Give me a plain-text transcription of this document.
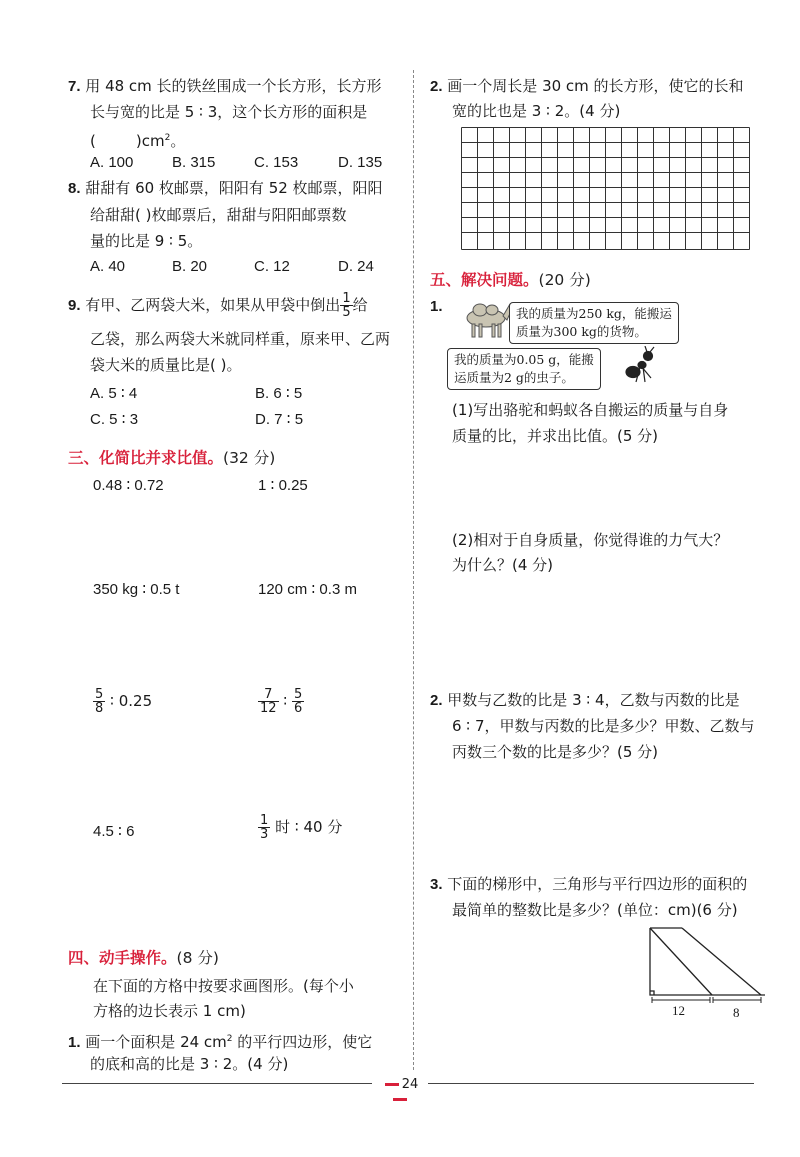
7. 用 48 cm 长的铁丝围成一个长方形，长方形
长与宽的比是 5 ∶ 3，这个长方形的面积是
(	)$cm^2$。
A. 100	B. 315	C. 153	D. 135
8. 甜甜有 60 枚邮票，阳阳有 52 枚邮票，阳阳
给甜甜( )枚邮票后，甜甜与阳阳邮票数
量的比是 9 ∶ 5。
A. 40	B. 20	C. 12	D. 24
9. 有甲、乙两袋大米，如果从甲袋中倒出 $\frac{1}{5}$ 给
乙袋，那么两袋大米就同样重，原来甲、乙两
袋大米的质量比是( )。
A. 5 ∶ 4	B. 6 ∶ 5
C. 5 ∶ 3	D. 7 ∶ 5
三、化简比并求比值。(32 分)
0.48 ∶ 0.72	1 ∶ 0.25
350 kg ∶ 0.5 t	120 cm ∶ 0.3 m
$\frac{5}{8}$ ∶ 0.25	$\frac{7}{12}$ ∶ $\frac{5}{6}$
4.5 ∶ 6	$\frac{1}{3}$ 时 ∶ 40 分
四、动手操作。(8 分)
在下面的方格中按要求画图形。(每个小
方格的边长表示 1 cm)
1. 画一个面积是 24 $cm^2$ 的平行四边形，使它
的底和高的比是 3 ∶ 2。(4 分)
2. 画一个周长是 30 cm 的长方形，使它的长和
宽的比也是 3 ∶ 2。(4 分)
五、解决问题。(20 分)
1.	我的质量为250 kg，能搬运
质量为300 kg的货物。
我的质量为0.05 g，能搬
运质量为2 g的虫子。
(1)写出骆驼和蚂蚁各自搬运的质量与自身
质量的比，并求出比值。(5 分)
(2)相对于自身质量，你觉得谁的力气大？
为什么？(4 分)
2. 甲数与乙数的比是 3 ∶ 4，乙数与丙数的比是
6 ∶ 7，甲数与丙数的比是多少？甲数、乙数与
丙数三个数的比是多少？(5 分)
3. 下面的梯形中，三角形与平行四边形的面积的
最简单的整数比是多少？(单位：cm)(6 分)
12	8
24
